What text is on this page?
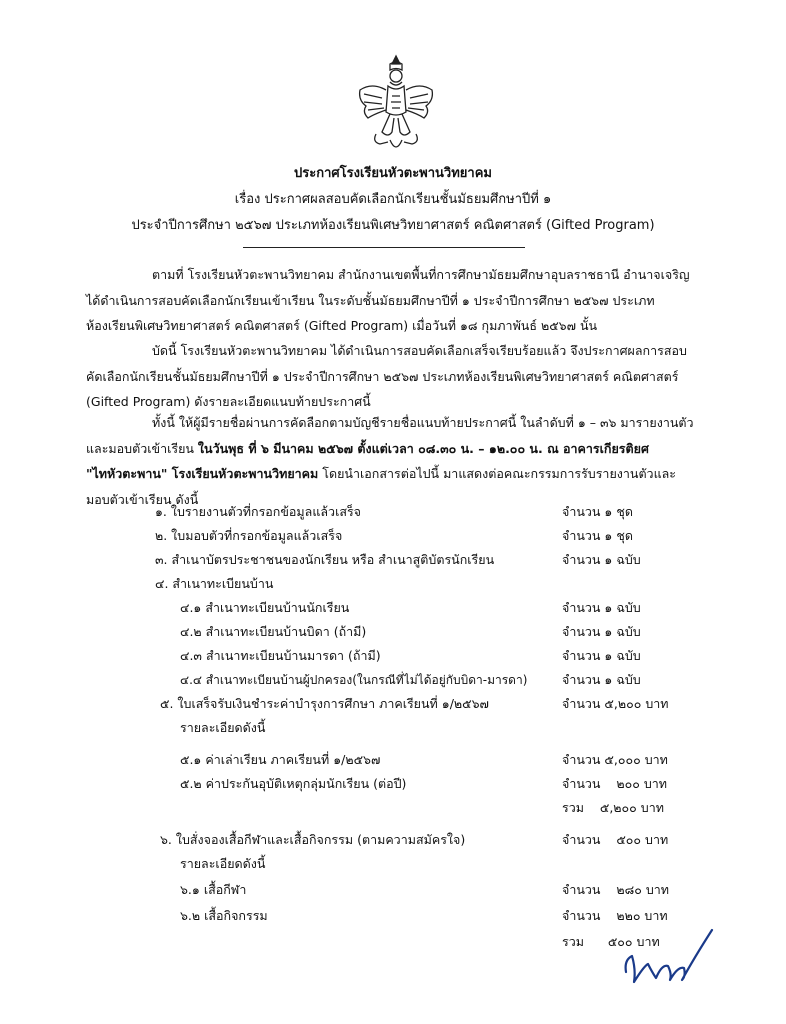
ประกาศโรงเรียนหัวตะพานวิทยาคม
เรื่อง ประกาศผลสอบคัดเลือกนักเรียนชั้นมัธยมศึกษาปีที่ ๑
ประจำปีการศึกษา ๒๕๖๗ ประเภทห้องเรียนพิเศษวิทยาศาสตร์ คณิตศาสตร์ (Gifted Program)
ตามที่ โรงเรียนหัวตะพานวิทยาคม สำนักงานเขตพื้นที่การศึกษามัธยมศึกษาอุบลราชธานี อำนาจเจริญ
ได้ดำเนินการสอบคัดเลือกนักเรียนเข้าเรียน ในระดับชั้นมัธยมศึกษาปีที่ ๑ ประจำปีการศึกษา ๒๕๖๗ ประเภท
ห้องเรียนพิเศษวิทยาศาสตร์ คณิตศาสตร์ (Gifted Program) เมื่อวันที่ ๑๘ กุมภาพันธ์ ๒๕๖๗ นั้น
บัดนี้ โรงเรียนหัวตะพานวิทยาคม ได้ดำเนินการสอบคัดเลือกเสร็จเรียบร้อยแล้ว จึงประกาศผลการสอบ
คัดเลือกนักเรียนชั้นมัธยมศึกษาปีที่ ๑ ประจำปีการศึกษา ๒๕๖๗ ประเภทห้องเรียนพิเศษวิทยาศาสตร์ คณิตศาสตร์
(Gifted Program) ดังรายละเอียดแนบท้ายประกาศนี้
ทั้งนี้ ให้ผู้มีรายชื่อผ่านการคัดลือกตามบัญชีรายชื่อแนบท้ายประกาศนี้ ในลำดับที่ ๑ – ๓๖ มารายงานตัว
และมอบตัวเข้าเรียน ในวันพุธ ที่ ๖ มีนาคม ๒๕๖๗ ตั้งแต่เวลา ๐๘.๓๐ น. – ๑๒.๐๐ น. ณ อาคารเกียรติยศ
"ไทหัวตะพาน" โรงเรียนหัวตะพานวิทยาคม โดยนำเอกสารต่อไปนี้ มาแสดงต่อคณะกรรมการรับรายงานตัวและ
มอบตัวเข้าเรียน ดังนี้
๑. ใบรายงานตัวที่กรอกข้อมูลแล้วเสร็จ	จำนวน ๑ ชุด
๒. ใบมอบตัวที่กรอกข้อมูลแล้วเสร็จ	จำนวน ๑ ชุด
๓. สำเนาบัตรประชาชนของนักเรียน หรือ สำเนาสูติบัตรนักเรียน	จำนวน ๑ ฉบับ
๔. สำเนาทะเบียนบ้าน
๔.๑ สำเนาทะเบียนบ้านนักเรียน	จำนวน ๑ ฉบับ
๔.๒ สำเนาทะเบียนบ้านบิดา (ถ้ามี)	จำนวน ๑ ฉบับ
๔.๓ สำเนาทะเบียนบ้านมารดา (ถ้ามี)	จำนวน ๑ ฉบับ
๔.๔ สำเนาทะเบียนบ้านผู้ปกครอง(ในกรณีที่ไม่ได้อยู่กับบิดา-มารดา)	จำนวน ๑ ฉบับ
๕. ใบเสร็จรับเงินชำระค่าบำรุงการศึกษา ภาคเรียนที่ ๑/๒๕๖๗	จำนวน ๕,๒๐๐ บาท
รายละเอียดดังนี้
๕.๑ ค่าเล่าเรียน ภาคเรียนที่ ๑/๒๕๖๗	จำนวน ๕,๐๐๐ บาท
๕.๒ ค่าประกันอุบัติเหตุกลุ่มนักเรียน (ต่อปี)	จำนวน    ๒๐๐ บาท
รวม    ๕,๒๐๐ บาท
๖. ใบสั่งจองเสื้อกีฬาและเสื้อกิจกรรม (ตามความสมัครใจ)	จำนวน    ๕๐๐ บาท
รายละเอียดดังนี้
๖.๑ เสื้อกีฬา	จำนวน    ๒๘๐ บาท
๖.๒ เสื้อกิจกรรม	จำนวน    ๒๒๐ บาท
รวม      ๕๐๐ บาท
